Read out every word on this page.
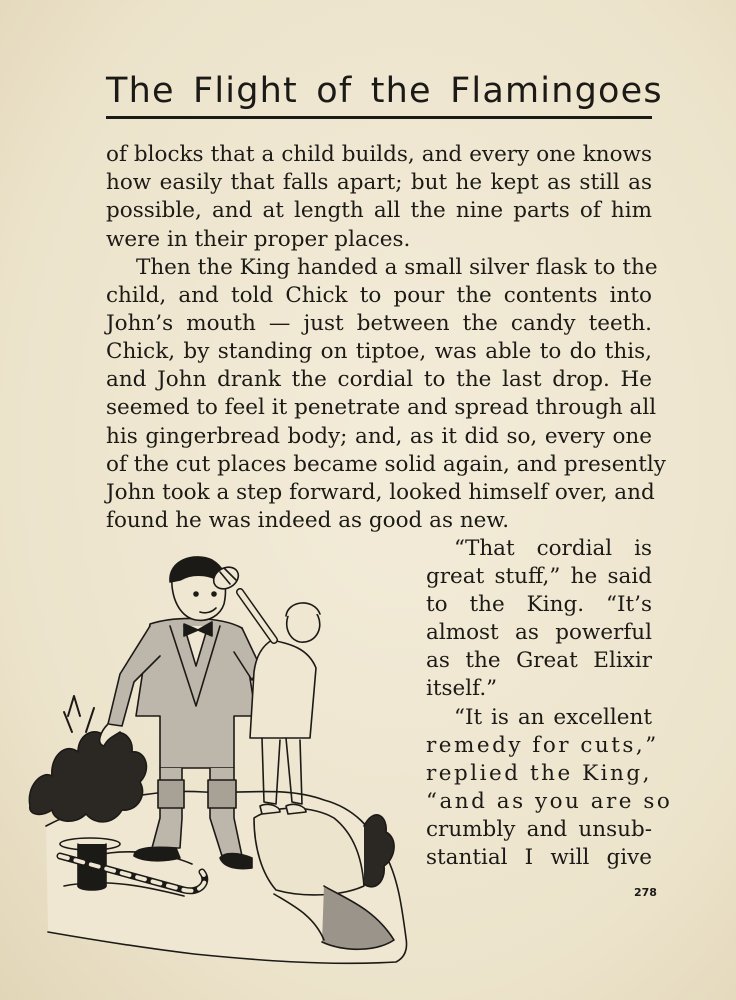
The Flight of the Flamingoes
of blocks that a child builds, and every one knows
how easily that falls apart; but he kept as still as
possible, and at length all the nine parts of him
were in their proper places.
Then the King handed a small silver flask to the
child, and told Chick to pour the contents into
John’s mouth — just between the candy teeth.
Chick, by standing on tiptoe, was able to do this,
and John drank the cordial to the last drop. He
seemed to feel it penetrate and spread through all
his gingerbread body; and, as it did so, every one
of the cut places became solid again, and presently
John took a step forward, looked himself over, and
found he was indeed as good as new.
“That cordial is
great stuff,” he said
to the King. “It’s
almost as powerful
as the Great Elixir
itself.”
“It is an excellent
remedy for cuts,”
replied the King,
“and as you are so
crumbly and unsub-
stantial I will give
278
